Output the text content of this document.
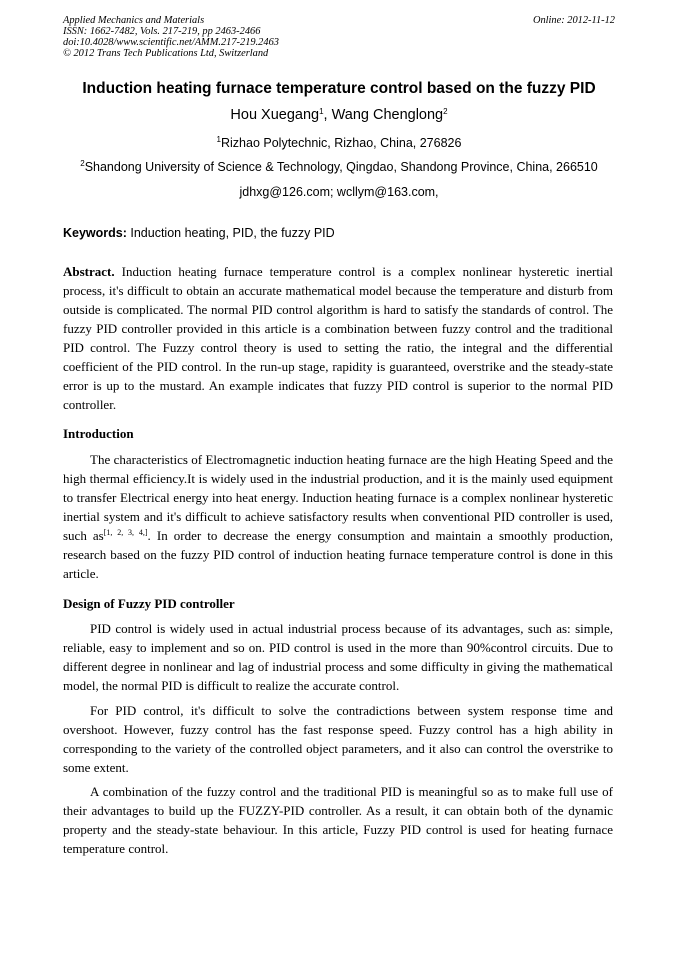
Applied Mechanics and Materials
ISSN: 1662-7482, Vols. 217-219, pp 2463-2466
doi:10.4028/www.scientific.net/AMM.217-219.2463
© 2012 Trans Tech Publications Ltd, Switzerland
Online: 2012-11-12
Induction heating furnace temperature control based on the fuzzy PID
Hou Xuegang$^1$, Wang Chenglong$^2$
$^1$Rizhao Polytechnic, Rizhao, China, 276826
$^2$Shandong University of Science & Technology, Qingdao, Shandong Province, China, 266510
jdhxg@126.com; wcllym@163.com,
Keywords: Induction heating, PID, the fuzzy PID
Abstract. Induction heating furnace temperature control is a complex nonlinear hysteretic inertial process, it's difficult to obtain an accurate mathematical model because the temperature and disturb from outside is complicated. The normal PID control algorithm is hard to satisfy the standards of control. The fuzzy PID controller provided in this article is a combination between fuzzy control and the traditional PID control. The Fuzzy control theory is used to setting the ratio, the integral and the differential coefficient of the PID control. In the run-up stage, rapidity is guaranteed, overstrike and the steady-state error is up to the mustard. An example indicates that fuzzy PID control is superior to the normal PID controller.
Introduction
The characteristics of Electromagnetic induction heating furnace are the high Heating Speed and the high thermal efficiency.It is widely used in the industrial production, and it is the mainly used equipment to transfer Electrical energy into heat energy. Induction heating furnace is a complex nonlinear hysteretic inertial system and it's difficult to achieve satisfactory results when conventional PID controller is used, such as[1, 2, 3, 4,]. In order to decrease the energy consumption and maintain a smoothly production, research based on the fuzzy PID control of induction heating furnace temperature control is done in this article.
Design of Fuzzy PID controller
PID control is widely used in actual industrial process because of its advantages, such as: simple, reliable, easy to implement and so on. PID control is used in the more than 90%control circuits. Due to different degree in nonlinear and lag of industrial process and some difficulty in giving the mathematical model, the normal PID is difficult to realize the accurate control.
For PID control, it's difficult to solve the contradictions between system response time and overshoot. However, fuzzy control has the fast response speed. Fuzzy control has a high ability in corresponding to the variety of the controlled object parameters, and it also can control the overstrike to some extent.
A combination of the fuzzy control and the traditional PID is meaningful so as to make full use of their advantages to build up the FUZZY-PID controller. As a result, it can obtain both of the dynamic property and the steady-state behaviour. In this article, Fuzzy PID control is used for heating furnace temperature control.
